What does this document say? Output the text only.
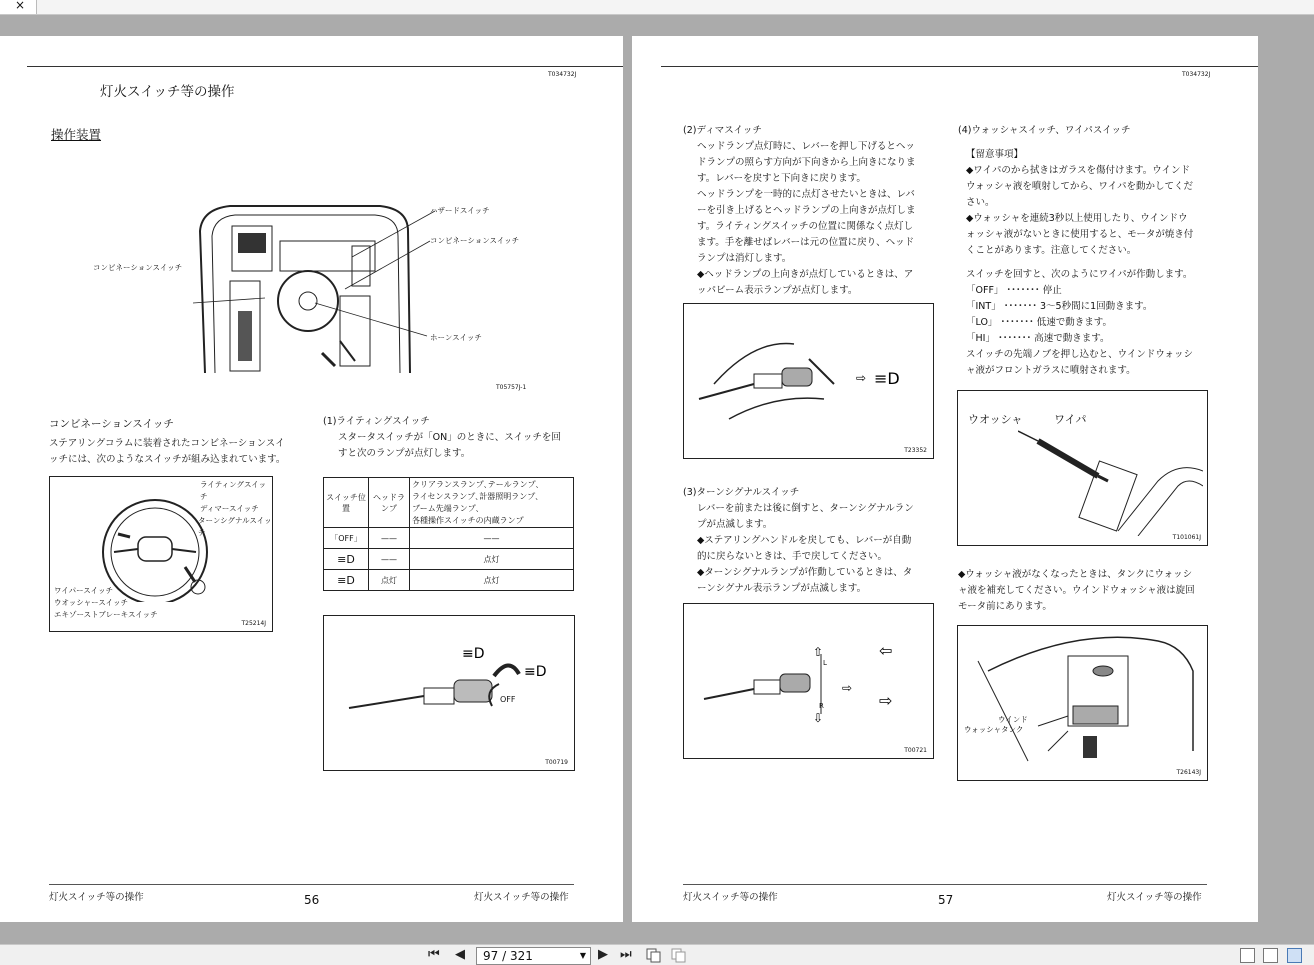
×
T034732J
灯火スイッチ等の操作
操作装置
ハザードスイッチ
コンビネーションスイッチ
コンビネーションスイッチ
ホーンスイッチ
T05757J-1
コンビネーションスイッチ
ステアリングコラムに装着されたコンビネーションスイ
ッチには、次のようなスイッチが組み込まれています。
ライティングスイッチ
ディマースイッチ
ターンシグナルスイッチ
ワイパースイッチ
ウオッシャースイッチ
エキゾーストブレーキスイッチ
T25214J
(1)ライティングスイッチ
スタータスイッチが「ON」のときに、スイッチを回
すと次のランプが点灯します。
スイッチ位置	ヘッドランプ	クリアランスランプ､テールランプ､
ライセンスランプ､計器照明ランプ､
ブーム先端ランプ､
各種操作スイッチの内蔵ランプ

「OFF」	——	——
≡D	——	点灯
≡D	点灯	点灯
≡D
≡D
OFF
T00719
灯火スイッチ等の操作	56	灯火スイッチ等の操作
T034732J
(2)ディマスイッチ
ヘッドランプ点灯時に、レバーを押し下げるとヘッ
ドランプの照らす方向が下向きから上向きになりま
す。レバーを戻すと下向きに戻ります。
ヘッドランプを一時的に点灯させたいときは、レバ
ーを引き上げるとヘッドランプの上向きが点灯しま
す。ライティングスイッチの位置に関係なく点灯し
ます。手を離せばレバーは元の位置に戻り、ヘッド
ランプは消灯します。
◆ヘッドランプの上向きが点灯しているときは、ア
ッパビーム表示ランプが点灯します。
⇨ ≡D
T23352
(3)ターンシグナルスイッチ
レバーを前または後に倒すと、ターンシグナルラン
プが点滅します。
◆ステアリングハンドルを戻しても、レバーが自動
的に戻らないときは、手で戻してください。
◆ターンシグナルランプが作動しているときは、タ
ーンシグナル表示ランプが点滅します。
⇧
⇩
⇨
⇦
⇨
L
R
T00721
(4)ウォッシャスイッチ、ワイパスイッチ
【留意事項】
◆ワイパのから拭きはガラスを傷付けます。ウインド
ウォッシャ液を噴射してから、ワイパを動かしてくだ
さい。
◆ウォッシャを連続3秒以上使用したり、ウインドウ
ォッシャ液がないときに使用すると、モータが焼き付
くことがあります。注意してください。
スイッチを回すと、次のようにワイパが作動します。
「OFF」 ･･･････ 停止
「INT」 ･･･････ 3～5秒間に1回動きます。
「LO」 ･･･････ 低速で動きます。
「HI」 ･･･････ 高速で動きます。
スイッチの先端ノブを押し込むと、ウインドウォッシ
ャ液がフロントガラスに噴射されます。
ウオッシャ	ワイパ
T101061J
◆ウォッシャ液がなくなったときは、タンクにウォッシ
ャ液を補充してください。ウインドウォッシャ液は旋回
モータ前にあります。
ウインド
ウォッシャタンク
T26143J
灯火スイッチ等の操作	57	灯火スイッチ等の操作
⏮ ◀	97 / 321	▼ ▶ ⏭
